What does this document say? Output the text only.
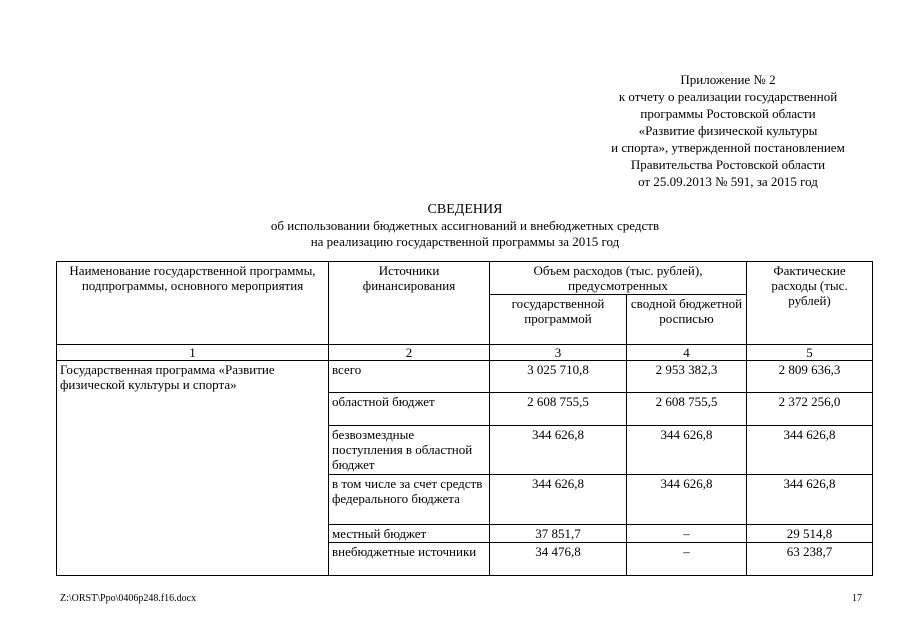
Приложение № 2
к отчету о реализации государственной
программы Ростовской области
«Развитие физической культуры
и спорта», утвержденной постановлением
Правительства Ростовской области
от 25.09.2013 № 591, за 2015 год
СВЕДЕНИЯ
об использовании бюджетных ассигнований и внебюджетных средств
на реализацию государственной программы за 2015 год
Наименование государственной программы, подпрограммы, основного мероприятия	Источники финансирования	Объем расходов (тыс. рублей), предусмотренных		Фактические расходы (тыс. рублей)
		государственной программой	сводной бюджетной росписью	
1	2	3	4	5
Государственная программа «Развитие физической культуры и спорта»	всего	3 025 710,8	2 953 382,3	2 809 636,3
	областной бюджет	2 608 755,5	2 608 755,5	2 372 256,0
	безвозмездные поступления в областной бюджет	344 626,8	344 626,8	344 626,8
	в том числе за счет средств федерального бюджета	344 626,8	344 626,8	344 626,8
	местный бюджет	37 851,7	–	29 514,8
	внебюджетные источники	34 476,8	–	63 238,7
Z:\ORST\Ppo\0406p248.f16.docx	17
